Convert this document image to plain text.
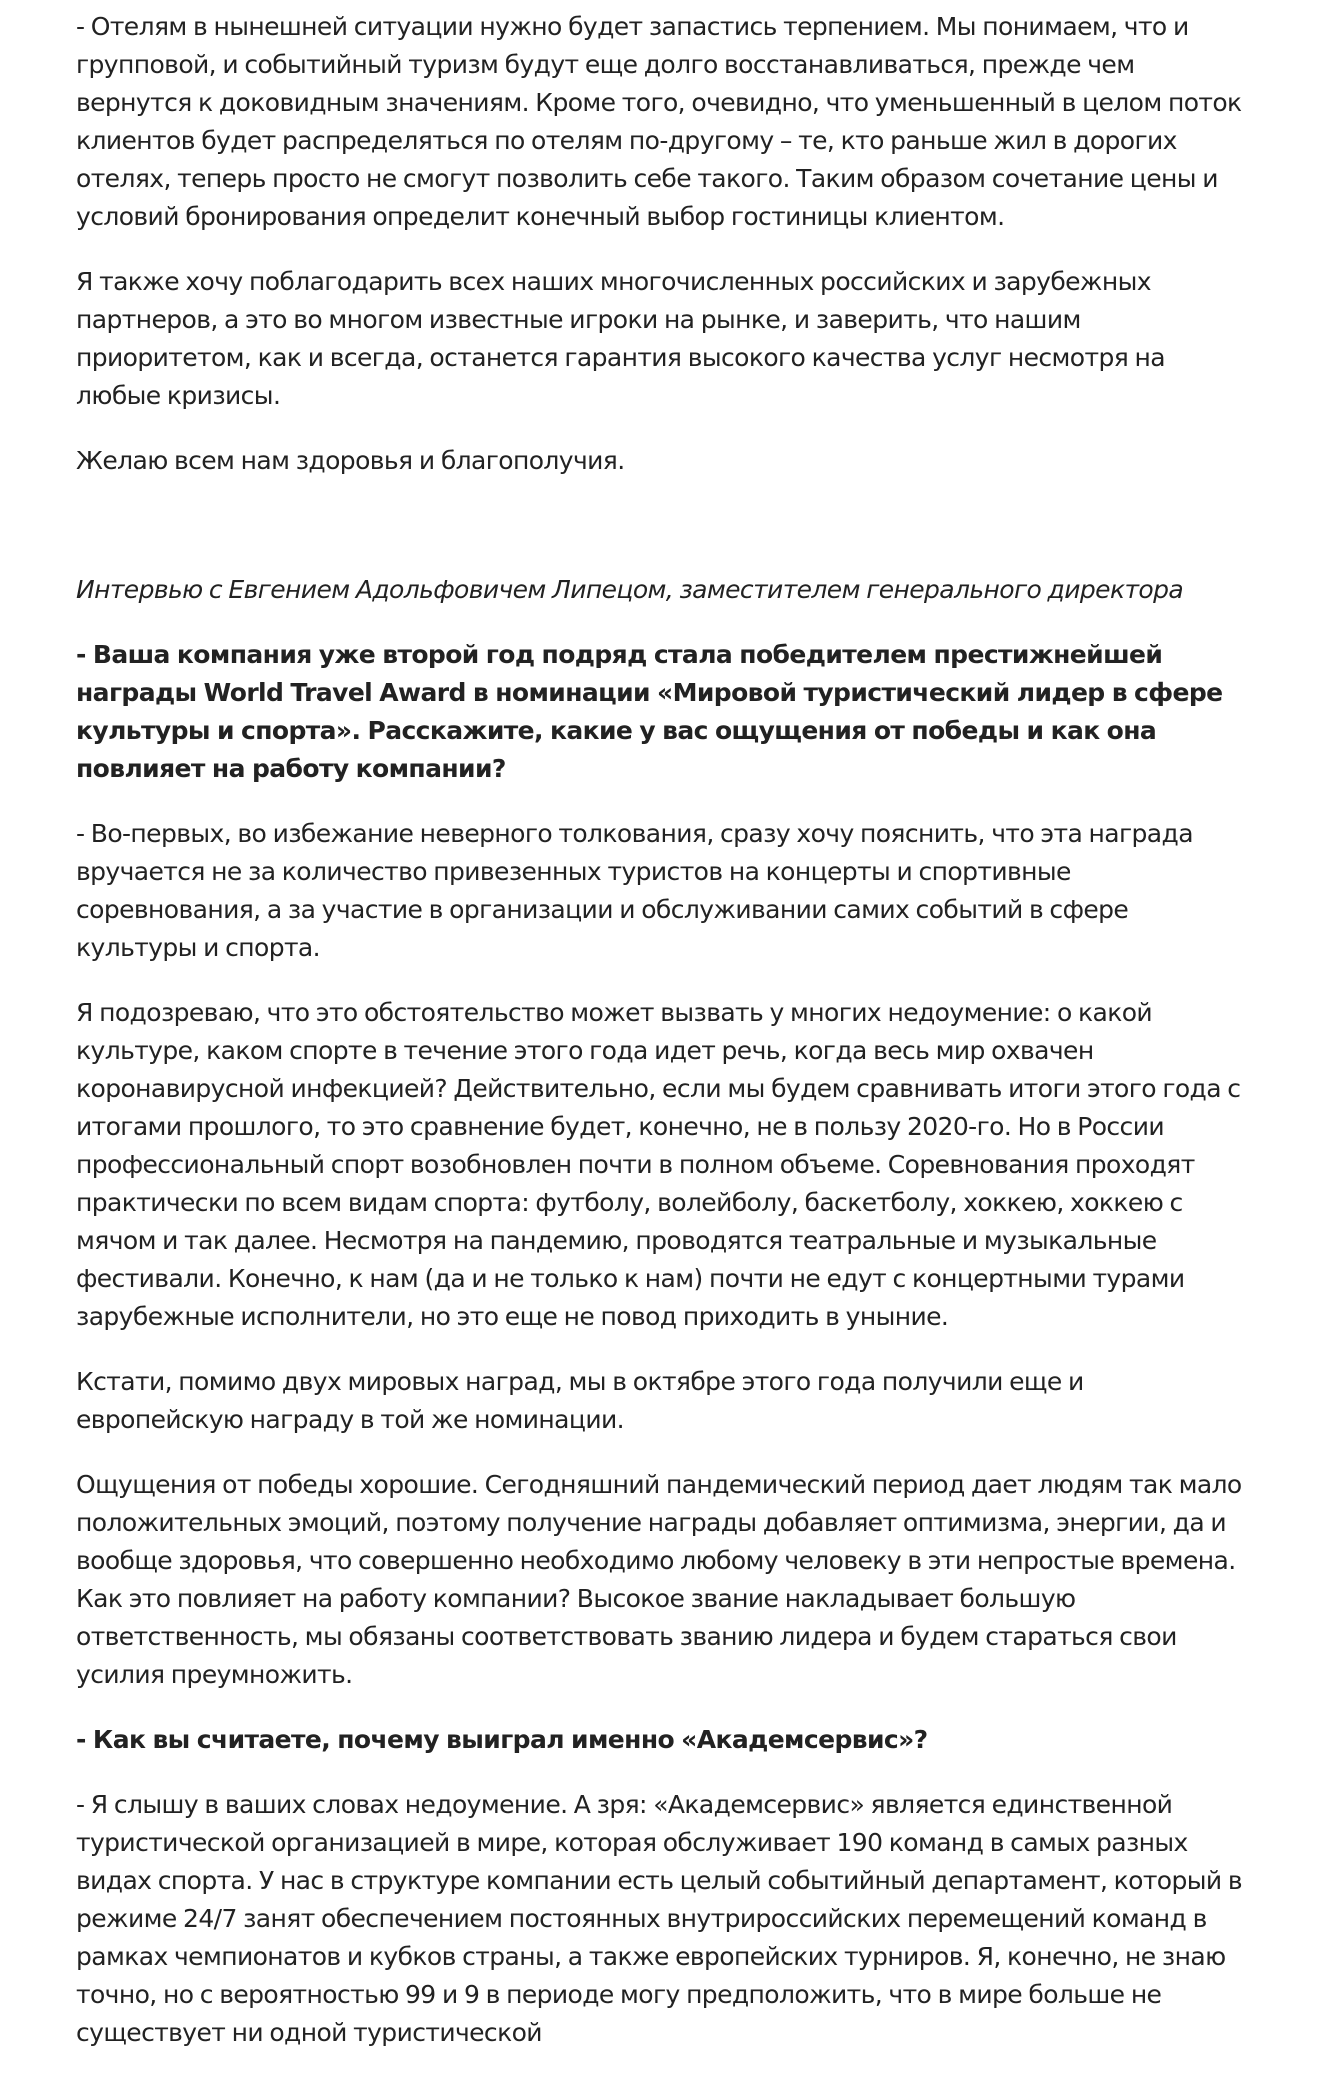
- Отелям в нынешней ситуации нужно будет запастись терпением. Мы понимаем, что и групповой, и событийный туризм будут еще долго восстанавливаться, прежде чем вернутся к доковидным значениям. Кроме того, очевидно, что уменьшенный в целом поток клиентов будет распределяться по отелям по-другому – те, кто раньше жил в дорогих отелях, теперь просто не смогут позволить себе такого. Таким образом сочетание цены и условий бронирования определит конечный выбор гостиницы клиентом.

Я также хочу поблагодарить всех наших многочисленных российских и зарубежных партнеров, а это во многом известные игроки на рынке, и заверить, что нашим приоритетом, как и всегда, останется гарантия высокого качества услуг несмотря на любые кризисы.

Желаю всем нам здоровья и благополучия.

Интервью с Евгением Адольфовичем Липецом, заместителем генерального директора

- Ваша компания уже второй год подряд стала победителем престижнейшей награды World Travel Award в номинации «Мировой туристический лидер в сфере культуры и спорта». Расскажите, какие у вас ощущения от победы и как она повлияет на работу компании?

- Во-первых, во избежание неверного толкования, сразу хочу пояснить, что эта награда вручается не за количество привезенных туристов на концерты и спортивные соревнования, а за участие в организации и обслуживании самих событий в сфере культуры и спорта.

Я подозреваю, что это обстоятельство может вызвать у многих недоумение: о какой культуре, каком спорте в течение этого года идет речь, когда весь мир охвачен коронавирусной инфекцией? Действительно, если мы будем сравнивать итоги этого года с итогами прошлого, то это сравнение будет, конечно, не в пользу 2020-го. Но в России профессиональный спорт возобновлен почти в полном объеме. Соревнования проходят практически по всем видам спорта: футболу, волейболу, баскетболу, хоккею, хоккею с мячом и так далее. Несмотря на пандемию, проводятся театральные и музыкальные фестивали. Конечно, к нам (да и не только к нам) почти не едут с концертными турами зарубежные исполнители, но это еще не повод приходить в уныние.

Кстати, помимо двух мировых наград, мы в октябре этого года получили еще и европейскую награду в той же номинации.

Ощущения от победы хорошие. Сегодняшний пандемический период дает людям так мало положительных эмоций, поэтому получение награды добавляет оптимизма, энергии, да и вообще здоровья, что совершенно необходимо любому человеку в эти непростые времена. Как это повлияет на работу компании? Высокое звание накладывает большую ответственность, мы обязаны соответствовать званию лидера и будем стараться свои усилия преумножить.

- Как вы считаете, почему выиграл именно «Академсервис»?

- Я слышу в ваших словах недоумение. А зря: «Академсервис» является единственной туристической организацией в мире, которая обслуживает 190 команд в самых разных видах спорта. У нас в структуре компании есть целый событийный департамент, который в режиме 24/7 занят обеспечением постоянных внутрироссийских перемещений команд в рамках чемпионатов и кубков страны, а также европейских турниров. Я, конечно, не знаю точно, но с вероятностью 99 и 9 в периоде могу предположить, что в мире больше не существует ни одной туристической
